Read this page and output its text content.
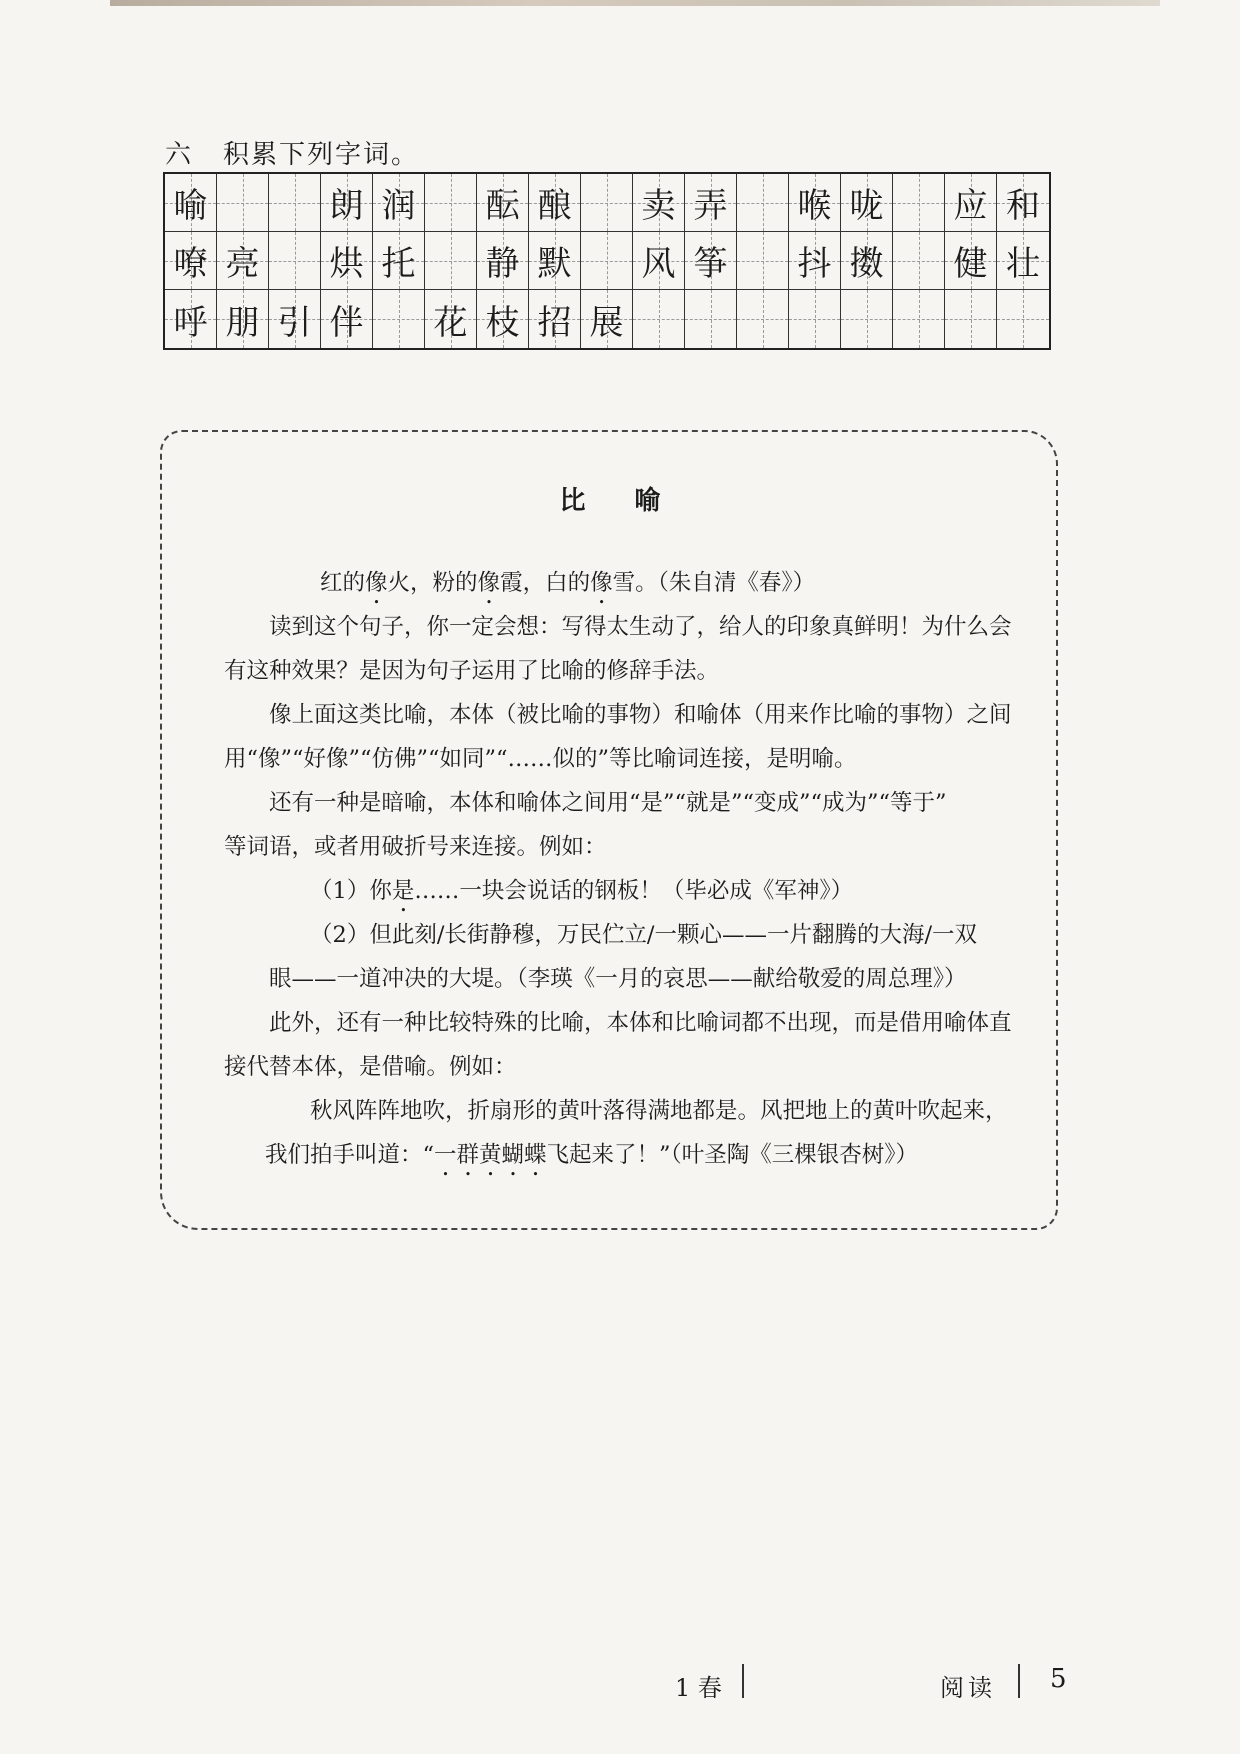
六 积累下列字词。
喻	朗 润 酝 酿 卖 弄 喉 咙 应 和
嘹 亮 烘 托 静 默 风 筝 抖 擞 健 壮
呼 朋 引 伴 花 枝 招 展
比 喻
红的像火，粉的像霞，白的像雪。（朱自清《春》）
读到这个句子，你一定会想：写得太生动了，给人的印象真鲜明！为什么会
有这种效果？是因为句子运用了比喻的修辞手法。
像上面这类比喻，本体（被比喻的事物）和喻体（用来作比喻的事物）之间
用“像”“好像”“仿佛”“如同”“……似的”等比喻词连接，是明喻。
还有一种是暗喻，本体和喻体之间用“是”“就是”“变成”“成为”“等于”
等词语，或者用破折号来连接。例如：
（1）你是……一块会说话的钢板！（毕必成《军神》）
（2）但此刻/长街静穆，万民伫立/一颗心——一片翻腾的大海/一双
眼——一道冲决的大堤。（李瑛《一月的哀思——献给敬爱的周总理》）
此外，还有一种比较特殊的比喻，本体和比喻词都不出现，而是借用喻体直
接代替本体，是借喻。例如：
秋风阵阵地吹，折扇形的黄叶落得满地都是。风把地上的黄叶吹起来，
我们拍手叫道：“一群黄蝴蝶飞起来了！”（叶圣陶《三棵银杏树》）
1 春	阅读 5
